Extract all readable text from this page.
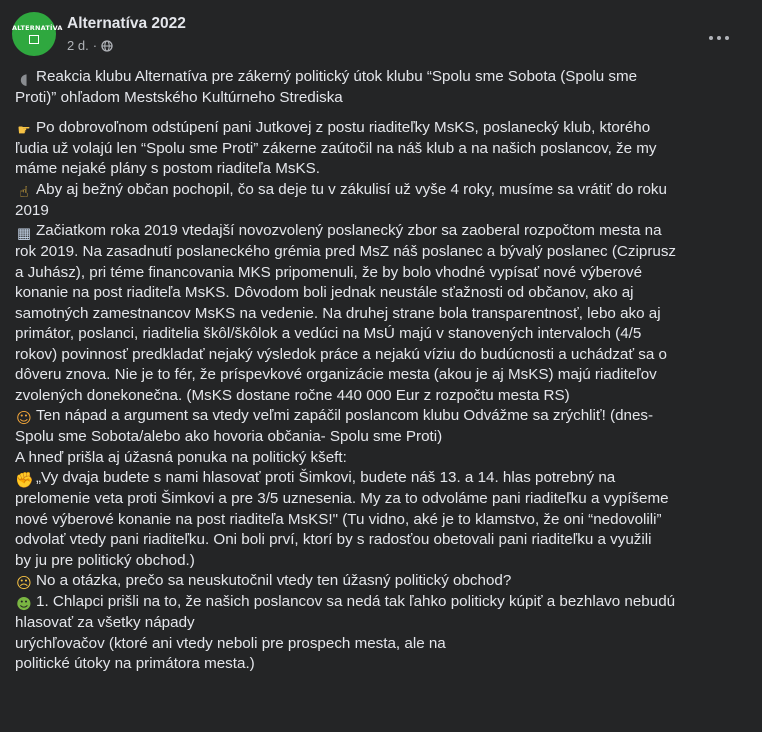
ALTERNATÍVA Alternatíva 2022
2 d. ·

◖ Reakcia klubu Alternatíva pre zákerný politický útok klubu “Spolu sme Sobota (Spolu sme

Proti)” ohľadom Mestského Kultúrneho Strediska

☛ Po dobrovoľnom odstúpení pani Jutkovej z postu riaditeľky MsKS, poslanecký klub, ktorého

ľudia už volajú len “Spolu sme Proti” zákerne zaútočil na náš klub a na našich poslancov, že my

máme nejaké plány s postom riaditeľa MsKS.

☝ Aby aj bežný občan pochopil, čo sa deje tu v zákulisí už vyše 4 roky, musíme sa vrátiť do roku

2019

▦ Začiatkom roka 2019 vtedajší novozvolený poslanecký zbor sa zaoberal rozpočtom mesta na

rok 2019. Na zasadnutí poslaneckého grémia pred MsZ náš poslanec a bývalý poslanec (Cziprusz

a Juhász), pri téme financovania MKS pripomenuli, že by bolo vhodné vypísať nové výberové

konanie na post riaditeľa MsKS. Dôvodom boli jednak neustále sťažnosti od občanov, ako aj

samotných zamestnancov MsKS na vedenie. Na druhej strane bola transparentnosť, lebo ako aj

primátor, poslanci, riaditelia škôl/škôlok a vedúci na MsÚ majú v stanovených intervaloch (4/5

rokov) povinnosť predkladať nejaký výsledok práce a nejakú víziu do budúcnosti a uchádzať sa o

dôveru znova. Nie je to fér, že príspevkové organizácie mesta (akou je aj MsKS) majú riaditeľov

zvolených donekonečna. (MsKS dostane ročne 440 000 Eur z rozpočtu mesta RS)

☺ Ten nápad a argument sa vtedy veľmi zapáčil poslancom klubu Odvážme sa zrýchliť! (dnes-

Spolu sme Sobota/alebo ako hovoria občania- Spolu sme Proti)

A hneď prišla aj úžasná ponuka na politický kšeft:

✊ „Vy dvaja budete s nami hlasovať proti Šimkovi, budete náš 13. a 14. hlas potrebný na

prelomenie veta proti Šimkovi a pre 3/5 uznesenia. My za to odvoláme pani riaditeľku a vypíšeme

nové výberové konanie na post riaditeľa MsKS!" (Tu vidno, aké je to klamstvo, že oni “nedovolili”

odvolať vtedy pani riaditeľku. Oni boli prví, ktorí by s radosťou obetovali pani riaditeľku a využili

by ju pre politický obchod.)

☹ No a otázka, prečo sa neuskutočnil vtedy ten úžasný politický obchod?

☻ 1. Chlapci prišli na to, že našich poslancov sa nedá tak ľahko politicky kúpiť a bezhlavo nebudú

hlasovať za všetky nápady

urýchľovačov (ktoré ani vtedy neboli pre prospech mesta, ale na

politické útoky na primátora mesta.)
